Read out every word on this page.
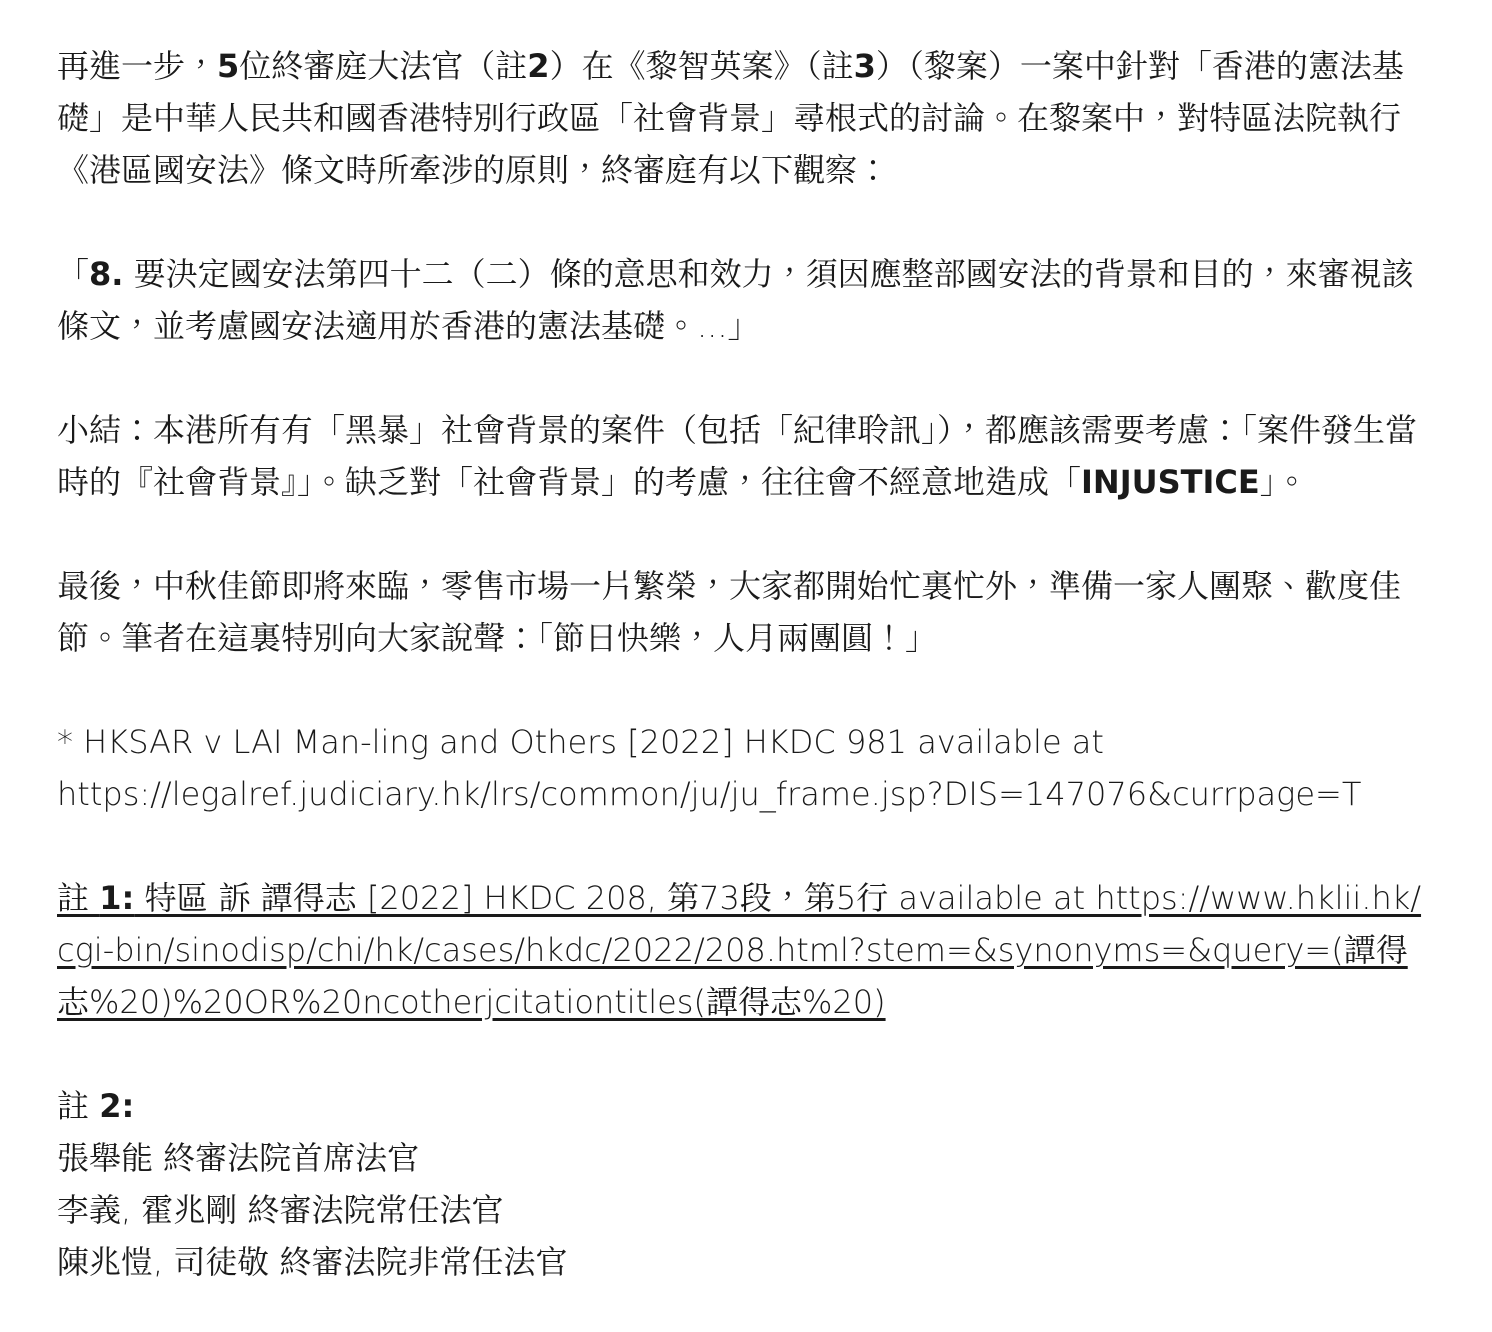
再進一步，5位終審庭大法官（註2）在《黎智英案》（註3）（黎案）一案中針對「香港的憲法基礎」是中華人民共和國香港特別行政區「社會背景」尋根式的討論。在黎案中，對特區法院執行《港區國安法》條文時所牽涉的原則，終審庭有以下觀察：

「8. 要決定國安法第四十二（二）條的意思和效力，須因應整部國安法的背景和目的，來審視該條文，並考慮國安法適用於香港的憲法基礎。...」

小結：本港所有有「黑暴」社會背景的案件（包括「紀律聆訊」），都應該需要考慮：「案件發生當時的『社會背景』」。缺乏對「社會背景」的考慮，往往會不經意地造成「INJUSTICE」。

最後，中秋佳節即將來臨，零售市場一片繁榮，大家都開始忙裏忙外，準備一家人團聚、歡度佳節。筆者在這裏特別向大家說聲：「節日快樂，人月兩團圓！」

* HKSAR v LAI Man-ling and Others [2022] HKDC 981 available at https://legalref.judiciary.hk/lrs/common/ju/ju_frame.jsp?DIS=147076&currpage=T

註 1: 特區 訴 譚得志 [2022] HKDC 208, 第73段，第5行 available at https://www.hklii.hk/cgi-bin/sinodisp/chi/hk/cases/hkdc/2022/208.html?stem=&synonyms=&query=(譚得志%20)%20OR%20ncotherjcitationtitles(譚得志%20)

註 2:
張舉能 終審法院首席法官
李義, 霍兆剛 終審法院常任法官
陳兆愷, 司徒敬 終審法院非常任法官
